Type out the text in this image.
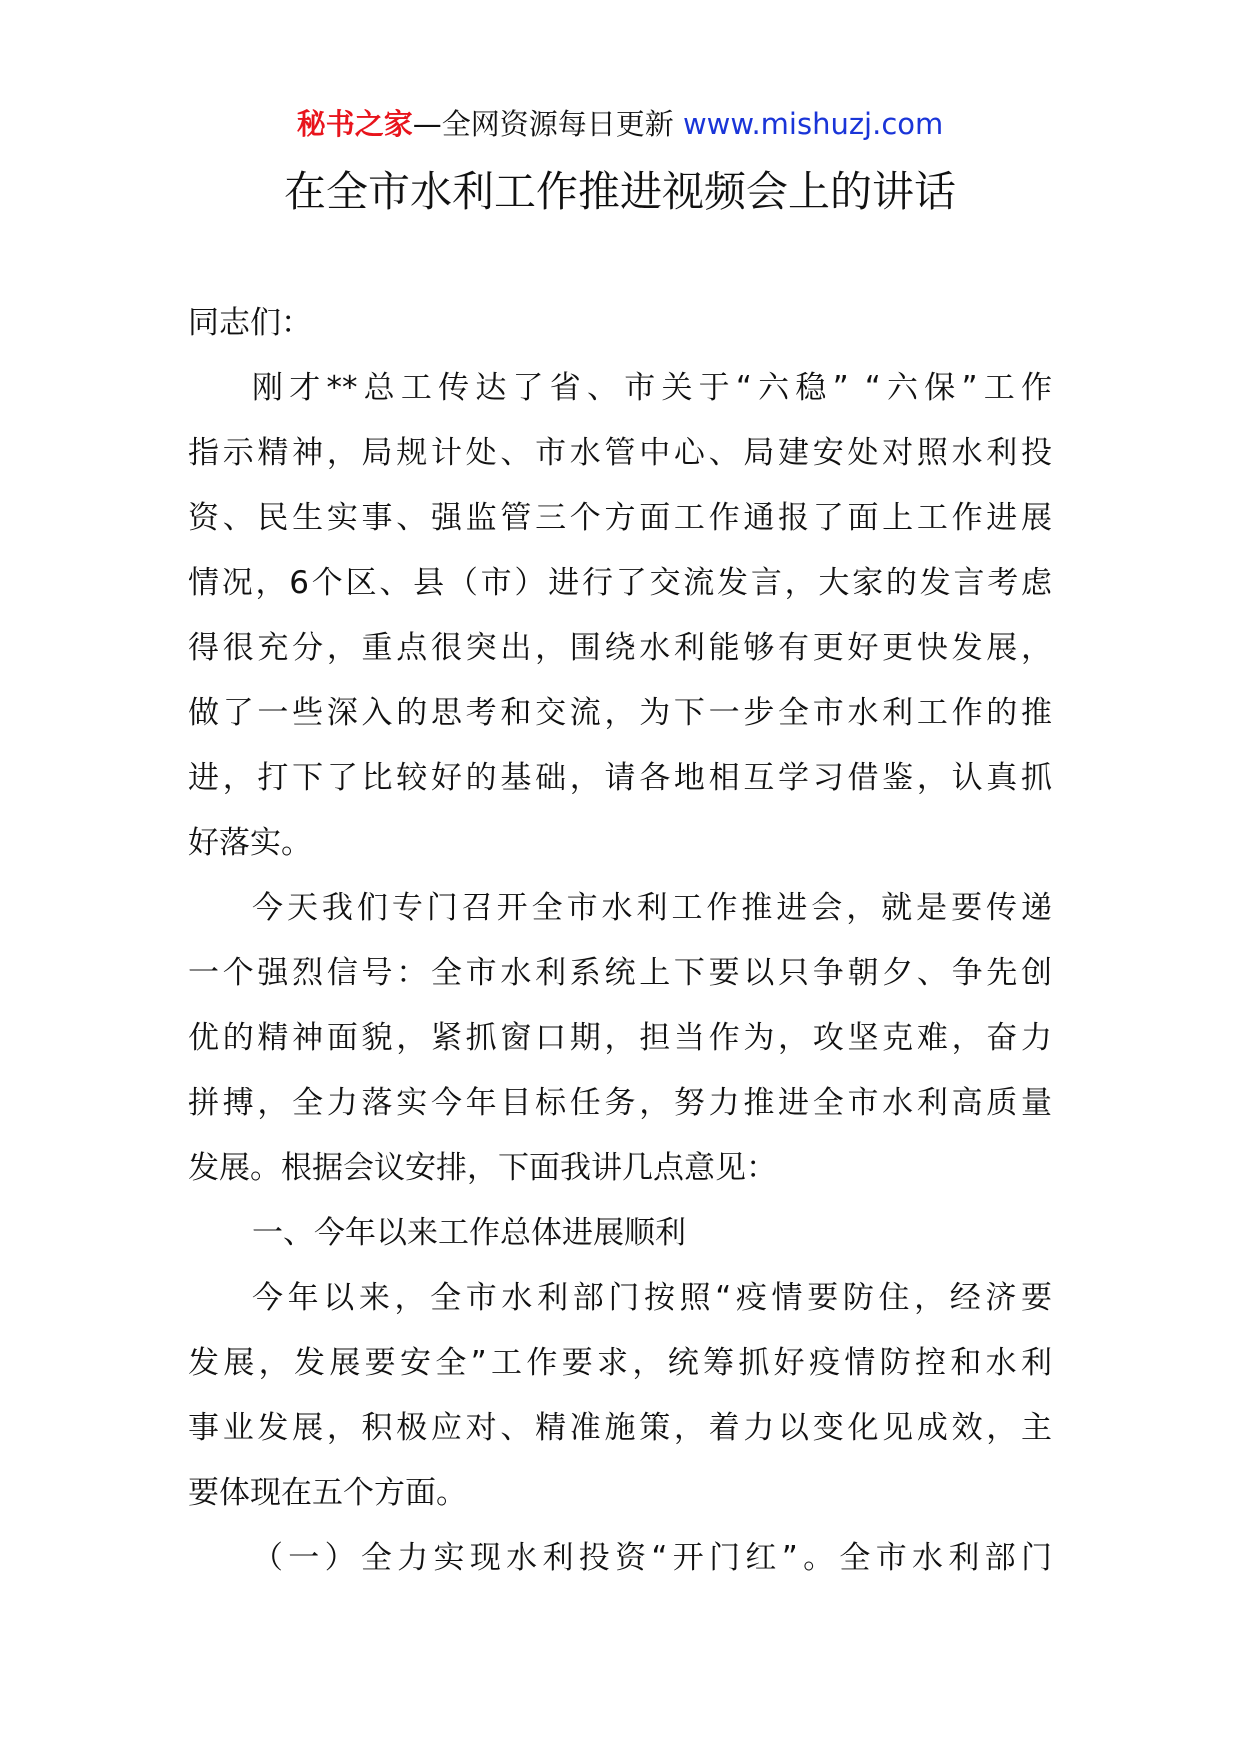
秘书之家—全网资源每日更新 www.mishuzj.com
在全市水利工作推进视频会上的讲话
同志们：
刚才**总工传达了省、市关于“六稳” “六保”工作
指示精神，局规计处、市水管中心、局建安处对照水利投
资、民生实事、强监管三个方面工作通报了面上工作进展
情况，6个区、县（市）进行了交流发言，大家的发言考虑
得很充分，重点很突出，围绕水利能够有更好更快发展，
做了一些深入的思考和交流，为下一步全市水利工作的推
进，打下了比较好的基础，请各地相互学习借鉴，认真抓
好落实。
今天我们专门召开全市水利工作推进会，就是要传递
一个强烈信号：全市水利系统上下要以只争朝夕、争先创
优的精神面貌，紧抓窗口期，担当作为，攻坚克难，奋力
拼搏，全力落实今年目标任务，努力推进全市水利高质量
发展。根据会议安排，下面我讲几点意见：
一、今年以来工作总体进展顺利
今年以来，全市水利部门按照“疫情要防住，经济要
发展，发展要安全”工作要求，统筹抓好疫情防控和水利
事业发展，积极应对、精准施策，着力以变化见成效，主
要体现在五个方面。
（一）全力实现水利投资“开门红”。全市水利部门
